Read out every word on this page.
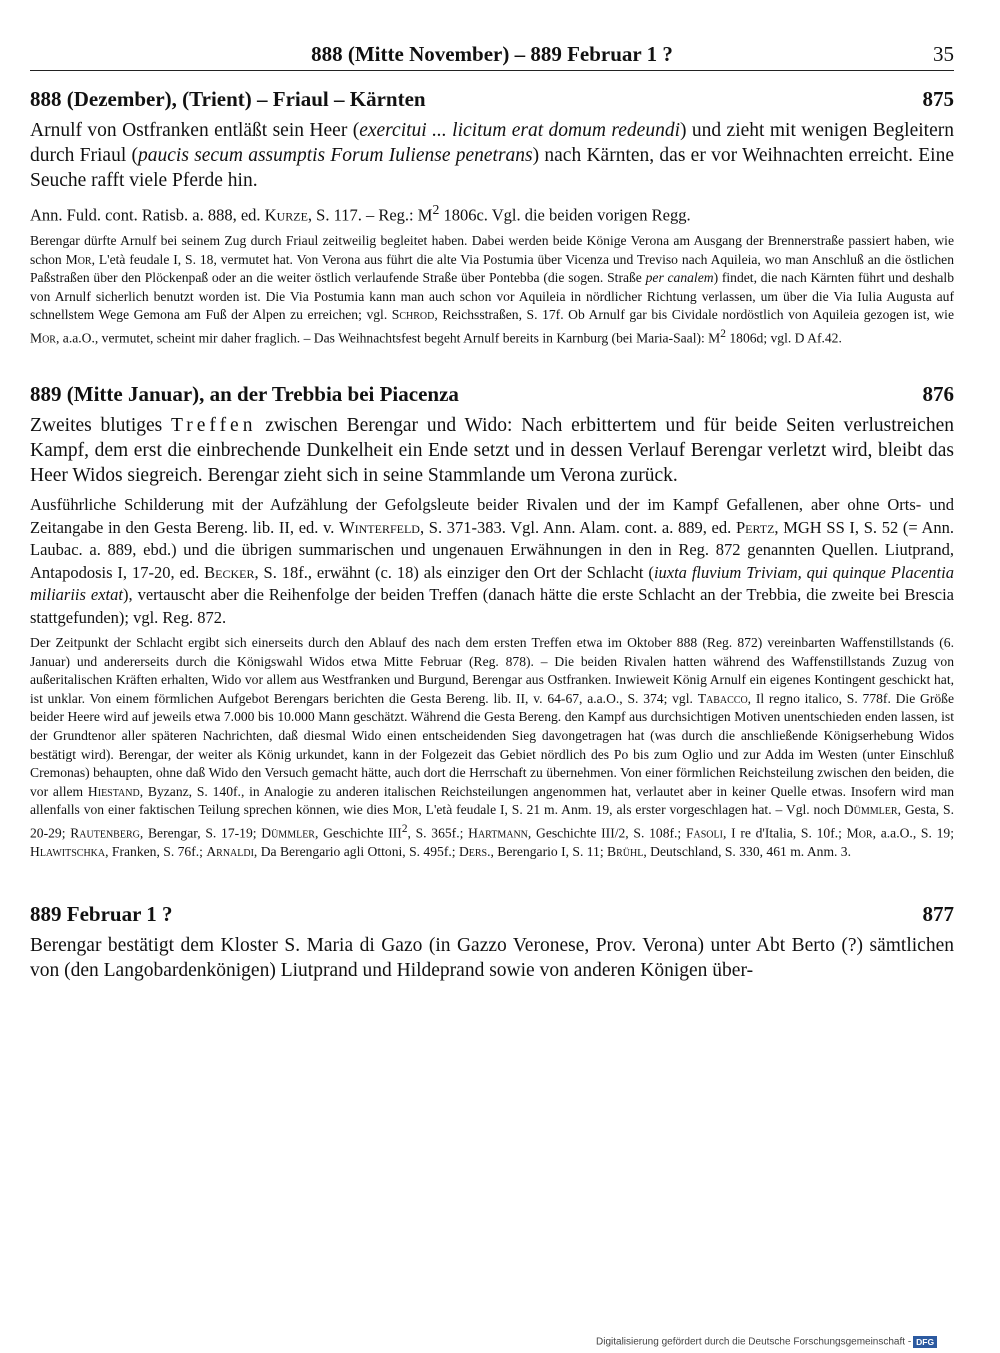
888 (Mitte November) – 889 Februar 1 ?	35
888 (Dezember), (Trient) – Friaul – Kärnten	875

Arnulf von Ostfranken entläßt sein Heer (exercitui ... licitum erat domum redeundi) und zieht mit wenigen Begleitern durch Friaul (paucis secum assumptis Forum Iuliense penetrans) nach Kärnten, das er vor Weihnachten erreicht. Eine Seuche rafft viele Pferde hin.

Ann. Fuld. cont. Ratisb. a. 888, ed. Kurze, S. 117. – Reg.: $M^2$ 1806c. Vgl. die beiden vorigen Regg.

Berengar dürfte Arnulf bei seinem Zug durch Friaul zeitweilig begleitet haben. Dabei werden beide Könige Verona am Ausgang der Brennerstraße passiert haben, wie schon Mor, L'età feudale I, S. 18, vermutet hat. Von Verona aus führt die alte Via Postumia über Vicenza und Treviso nach Aquileia, wo man Anschluß an die östlichen Paßstraßen über den Plöckenpaß oder an die weiter östlich verlaufende Straße über Pontebba (die sogen. Straße per canalem) findet, die nach Kärnten führt und deshalb von Arnulf sicherlich benutzt worden ist. Die Via Postumia kann man auch schon vor Aquileia in nördlicher Richtung verlassen, um über die Via Iulia Augusta auf schnellstem Wege Gemona am Fuß der Alpen zu erreichen; vgl. Schrod, Reichsstraßen, S. 17f. Ob Arnulf gar bis Cividale nordöstlich von Aquileia gezogen ist, wie Mor, a.a.O., vermutet, scheint mir daher fraglich. – Das Weihnachtsfest begeht Arnulf bereits in Karnburg (bei Maria-Saal): $M^2$ 1806d; vgl. D Af.42.

889 (Mitte Januar), an der Trebbia bei Piacenza	876

Zweites blutiges Treffen zwischen Berengar und Wido: Nach erbittertem und für beide Seiten verlustreichen Kampf, dem erst die einbrechende Dunkelheit ein Ende setzt und in dessen Verlauf Berengar verletzt wird, bleibt das Heer Widos siegreich. Berengar zieht sich in seine Stammlande um Verona zurück.

Ausführliche Schilderung mit der Aufzählung der Gefolgsleute beider Rivalen und der im Kampf Gefallenen, aber ohne Orts- und Zeitangabe in den Gesta Bereng. lib. II, ed. v. Winterfeld, S. 371-383. Vgl. Ann. Alam. cont. a. 889, ed. Pertz, MGH SS I, S. 52 (= Ann. Laubac. a. 889, ebd.) und die übrigen summarischen und ungenauen Erwähnungen in den in Reg. 872 genannten Quellen. Liutprand, Antapodosis I, 17-20, ed. Becker, S. 18f., erwähnt (c. 18) als einziger den Ort der Schlacht (iuxta fluvium Triviam, qui quinque Placentia miliariis extat), vertauscht aber die Reihenfolge der beiden Treffen (danach hätte die erste Schlacht an der Trebbia, die zweite bei Brescia stattgefunden); vgl. Reg. 872.

Der Zeitpunkt der Schlacht ergibt sich einerseits durch den Ablauf des nach dem ersten Treffen etwa im Oktober 888 (Reg. 872) vereinbarten Waffenstillstands (6. Januar) und andererseits durch die Königswahl Widos etwa Mitte Februar (Reg. 878). – Die beiden Rivalen hatten während des Waffenstillstands Zuzug von außeritalischen Kräften erhalten, Wido vor allem aus Westfranken und Burgund, Berengar aus Ostfranken. Inwieweit König Arnulf ein eigenes Kontingent geschickt hat, ist unklar. Von einem förmlichen Aufgebot Berengars berichten die Gesta Bereng. lib. II, v. 64-67, a.a.O., S. 374; vgl. Tabacco, Il regno italico, S. 778f. Die Größe beider Heere wird auf jeweils etwa 7.000 bis 10.000 Mann geschätzt. Während die Gesta Bereng. den Kampf aus durchsichtigen Motiven unentschieden enden lassen, ist der Grundtenor aller späteren Nachrichten, daß diesmal Wido einen entscheidenden Sieg davongetragen hat (was durch die anschließende Königserhebung Widos bestätigt wird). Berengar, der weiter als König urkundet, kann in der Folgezeit das Gebiet nördlich des Po bis zum Oglio und zur Adda im Westen (unter Einschluß Cremonas) behaupten, ohne daß Wido den Versuch gemacht hätte, auch dort die Herrschaft zu übernehmen. Von einer förmlichen Reichsteilung zwischen den beiden, die vor allem Hiestand, Byzanz, S. 140f., in Analogie zu anderen italischen Reichsteilungen angenommen hat, verlautet aber in keiner Quelle etwas. Insofern wird man allenfalls von einer faktischen Teilung sprechen können, wie dies Mor, L'età feudale I, S. 21 m. Anm. 19, als erster vorgeschlagen hat. – Vgl. noch Dümmler, Gesta, S. 20-29; Rautenberg, Berengar, S. 17-19; Dümmler, Geschichte III$^2$, S. 365f.; Hartmann, Geschichte III/2, S. 108f.; Fasoli, I re d'Italia, S. 10f.; Mor, a.a.O., S. 19; Hlawitschka, Franken, S. 76f.; Arnaldi, Da Berengario agli Ottoni, S. 495f.; Ders., Berengario I, S. 11; Brühl, Deutschland, S. 330, 461 m. Anm. 3.

889 Februar 1 ?	877

Berengar bestätigt dem Kloster S. Maria di Gazo (in Gazzo Veronese, Prov. Verona) unter Abt Berto (?) sämtlichen von (den Langobardenkönigen) Liutprand und Hildeprand sowie von anderen Königen über-

Digitalisierung gefördert durch die Deutsche Forschungsgemeinschaft - DFG
